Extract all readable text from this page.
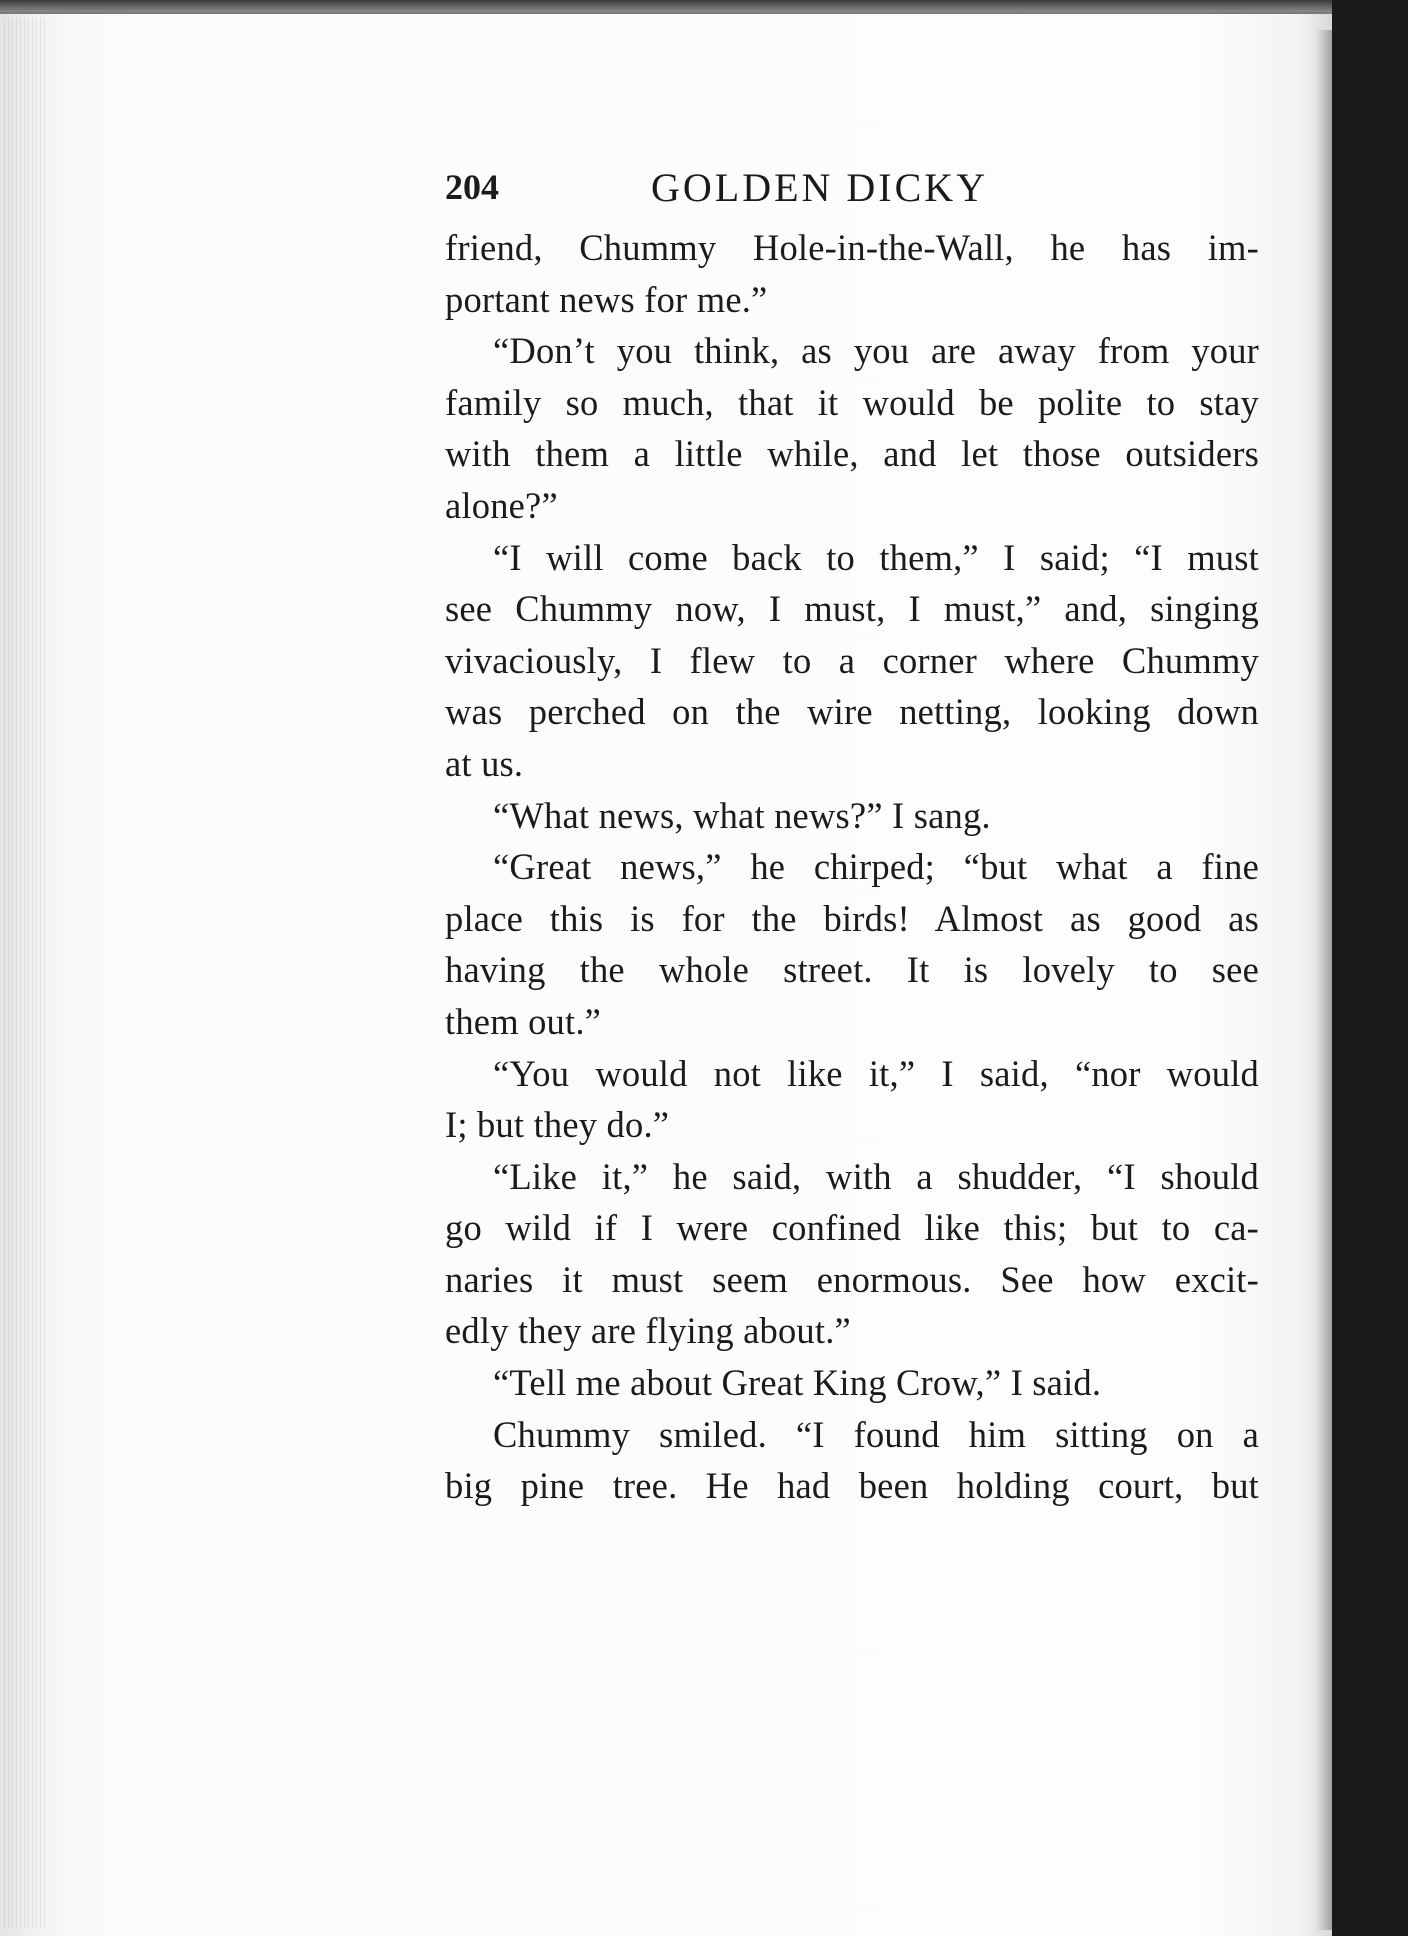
204	GOLDEN DICKY
friend, Chummy Hole-in-the-Wall, he has im-
portant news for me.”
“Don’t you think, as you are away from your
family so much, that it would be polite to stay
with them a little while, and let those outsiders
alone?”
“I will come back to them,” I said; “I must
see Chummy now, I must, I must,” and, singing
vivaciously, I flew to a corner where Chummy
was perched on the wire netting, looking down
at us.
“What news, what news?” I sang.
“Great news,” he chirped; “but what a fine
place this is for the birds! Almost as good as
having the whole street. It is lovely to see
them out.”
“You would not like it,” I said, “nor would
I; but they do.”
“Like it,” he said, with a shudder, “I should
go wild if I were confined like this; but to ca-
naries it must seem enormous. See how excit-
edly they are flying about.”
“Tell me about Great King Crow,” I said.
Chummy smiled. “I found him sitting on a
big pine tree. He had been holding court, but
